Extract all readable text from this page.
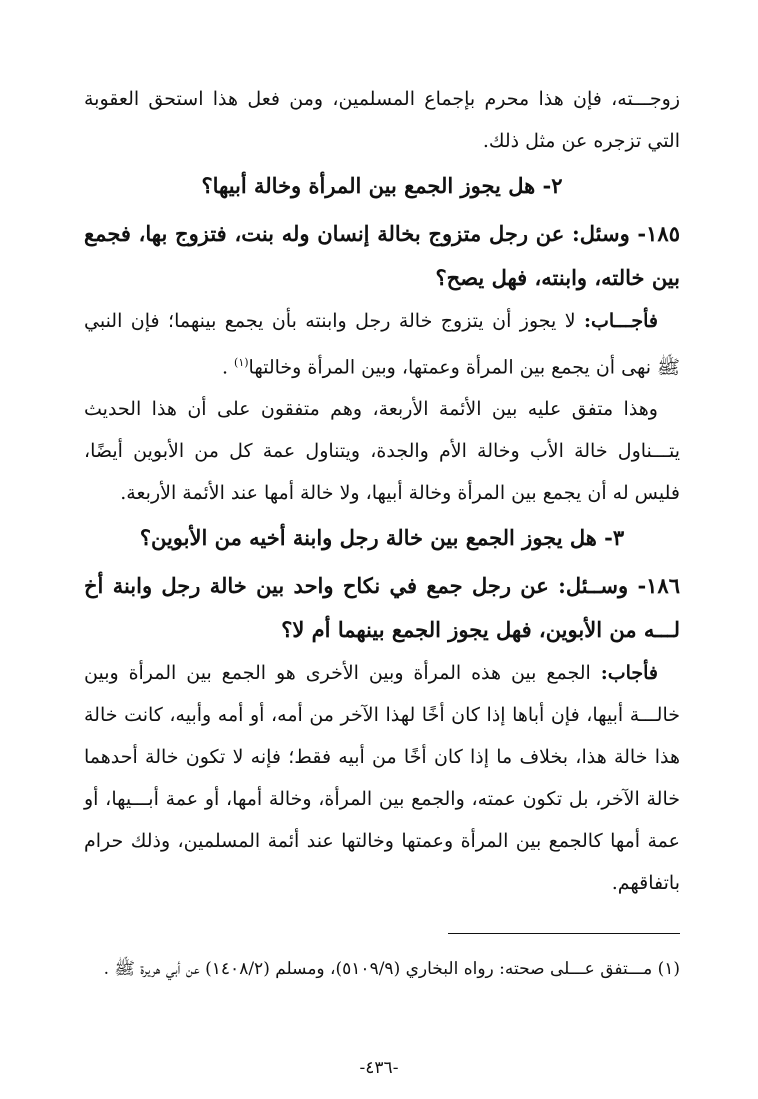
زوجـــته، فإن هذا محرم بإجماع المسلمين، ومن فعل هذا استحق العقوبة التي تزجره عن مثل ذلك.

٢- هل يجوز الجمع بين المرأة وخالة أبيها؟

١٨٥- وسئل: عن رجل متزوج بخالة إنسان وله بنت، فتزوج بها، فجمع بين خالته، وابنته، فهل يصح؟

فأجـــاب: لا يجوز أن يتزوج خالة رجل وابنته بأن يجمع بينهما؛ فإن النبي ﷺ نهى أن يجمع بين المرأة وعمتها، وبين المرأة وخالتها$^{(١)}$ .

وهذا متفق عليه بين الأئمة الأربعة، وهم متفقون على أن هذا الحديث يتـــناول خالة الأب وخالة الأم والجدة، ويتناول عمة كل من الأبوين أيضًا، فليس له أن يجمع بين المرأة وخالة أبيها، ولا خالة أمها عند الأئمة الأربعة.

٣- هل يجوز الجمع بين خالة رجل وابنة أخيه من الأبوين؟

١٨٦- وســئل: عن رجل جمع في نكاح واحد بين خالة رجل وابنة أخ لـــه من الأبوين، فهل يجوز الجمع بينهما أم لا؟

فأجاب: الجمع بين هذه المرأة وبين الأخرى هو الجمع بين المرأة وبين خالـــة أبيها، فإن أباها إذا كان أخًا لهذا الآخر من أمه، أو أمه وأبيه، كانت خالة هذا خالة هذا، بخلاف ما إذا كان أخًا من أبيه فقط؛ فإنه لا تكون خالة أحدهما خالة الآخر، بل تكون عمته، والجمع بين المرأة، وخالة أمها، أو عمة أبـــيها، أو عمة أمها كالجمع بين المرأة وعمتها وخالتها عند أئمة المسلمين، وذلك حرام باتفاقهم.

(١) مـــتفق عـــلى صحته: رواه البخاري (٥١٠٩/٩)، ومسلم (١٤٠٨/٢) عن أبي هريرة ﷺ .
-٤٣٦-
